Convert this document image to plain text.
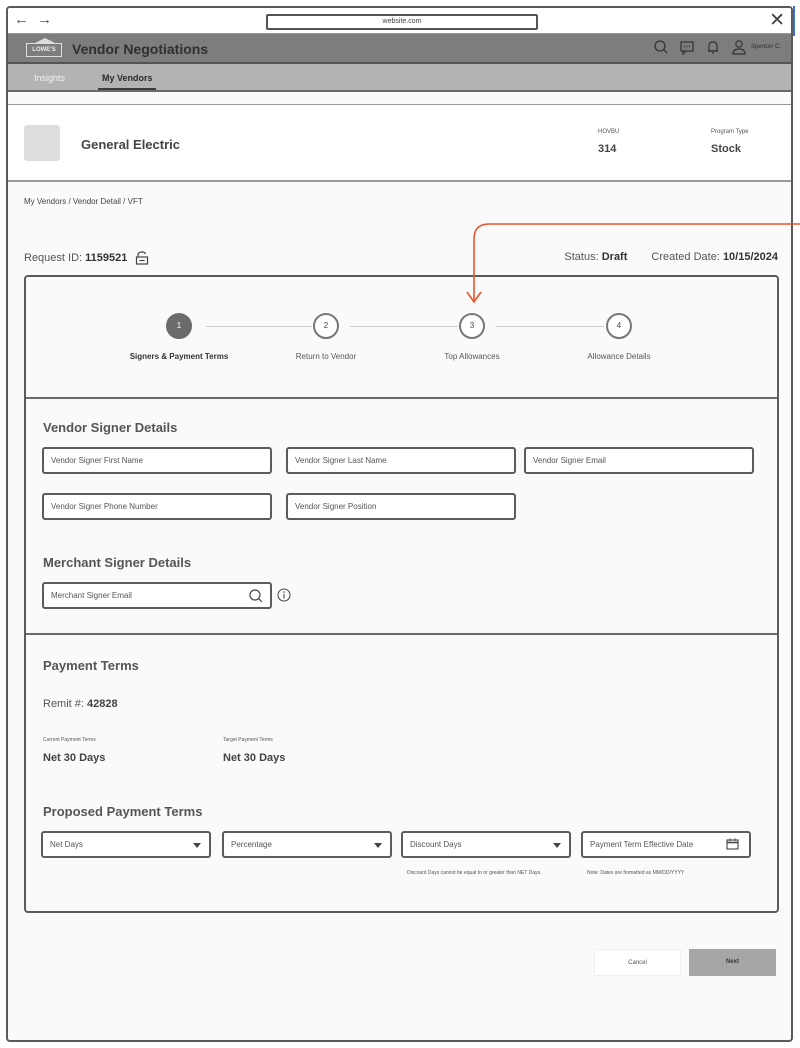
← →	website.com	✕
LOWE'S	Vendor Negotiations	Spencer C.
Insights	My Vendors
General Electric
HOVBU
314
Program Type
Stock
My Vendors / Vendor Detail / VFT
Request ID: 1159521	Status: Draft Created Date: 10/15/2024
1	2	3	4
Signers & Payment Terms	Return to Vendor	Top Allowances	Allowance Details
Vendor Signer Details
Vendor Signer First Name	Vendor Signer Last Name	Vendor Signer Email
Vendor Signer Phone Number	Vendor Signer Position
Merchant Signer Details
Merchant Signer Email
Payment Terms
Remit #: 42828
Current Payment Terms
Net 30 Days
Target Payment Terms
Net 30 Days
Proposed Payment Terms
Net Days	Percentage	Discount Days	Payment Term Effective Date
Discount Days cannot be equal to or greater than NET Days.	Note: Dates are formatted as MM/DD/YYYY
Cancel	Next
